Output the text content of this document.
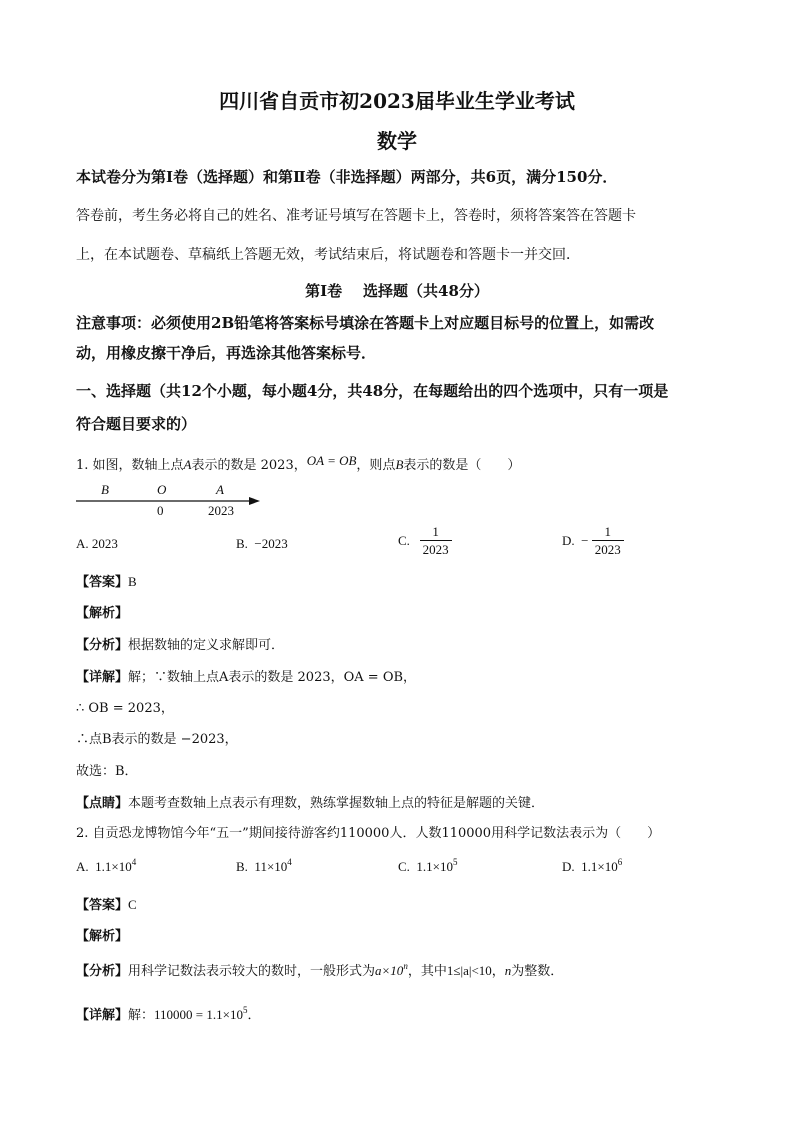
四川省自贡市初2023届毕业生学业考试
数学
本试卷分为第Ⅰ卷（选择题）和第Ⅱ卷（非选择题）两部分，共6页，满分150分．
答卷前，考生务必将自己的姓名、准考证号填写在答题卡上，答卷时，须将答案答在答题卡
上，在本试题卷、草稿纸上答题无效，考试结束后，将试题卷和答题卡一并交回．
第Ⅰ卷    选择题（共48分）
注意事项：必须使用2B铅笔将答案标号填涂在答题卡上对应题目标号的位置上，如需改
动，用橡皮擦干净后，再选涂其他答案标号．
一、选择题（共12个小题，每小题4分，共48分，在每题给出的四个选项中，只有一项是
符合题目要求的）
1. 如图，数轴上点A表示的数是 2023，OA = OB，则点B表示的数是（　　）
B	O	A
0	2023
A. 2023	B. −2023	C. $\frac{1}{2023}$	D. − $\frac{1}{2023}$
【答案】B
【解析】
【分析】根据数轴的定义求解即可．
【详解】解；∵数轴上点A表示的数是 2023，OA = OB，
∴ OB = 2023，
∴点B表示的数是 −2023，
故选：B．
【点睛】本题考查数轴上点表示有理数，熟练掌握数轴上点的特征是解题的关键．
2. 自贡恐龙博物馆今年“五一”期间接待游客约110000人．人数110000用科学记数法表示为（　　）
A. $1.1\times 10^4$	B. $11\times 10^4$	C. $1.1\times 10^5$	D. $1.1\times 10^6$
【答案】C
【解析】
【分析】用科学记数法表示较大的数时，一般形式为$a\times 10^n$，其中1≤|a|<10，n为整数．
【详解】解：$110000 = 1.1\times 10^5$．
